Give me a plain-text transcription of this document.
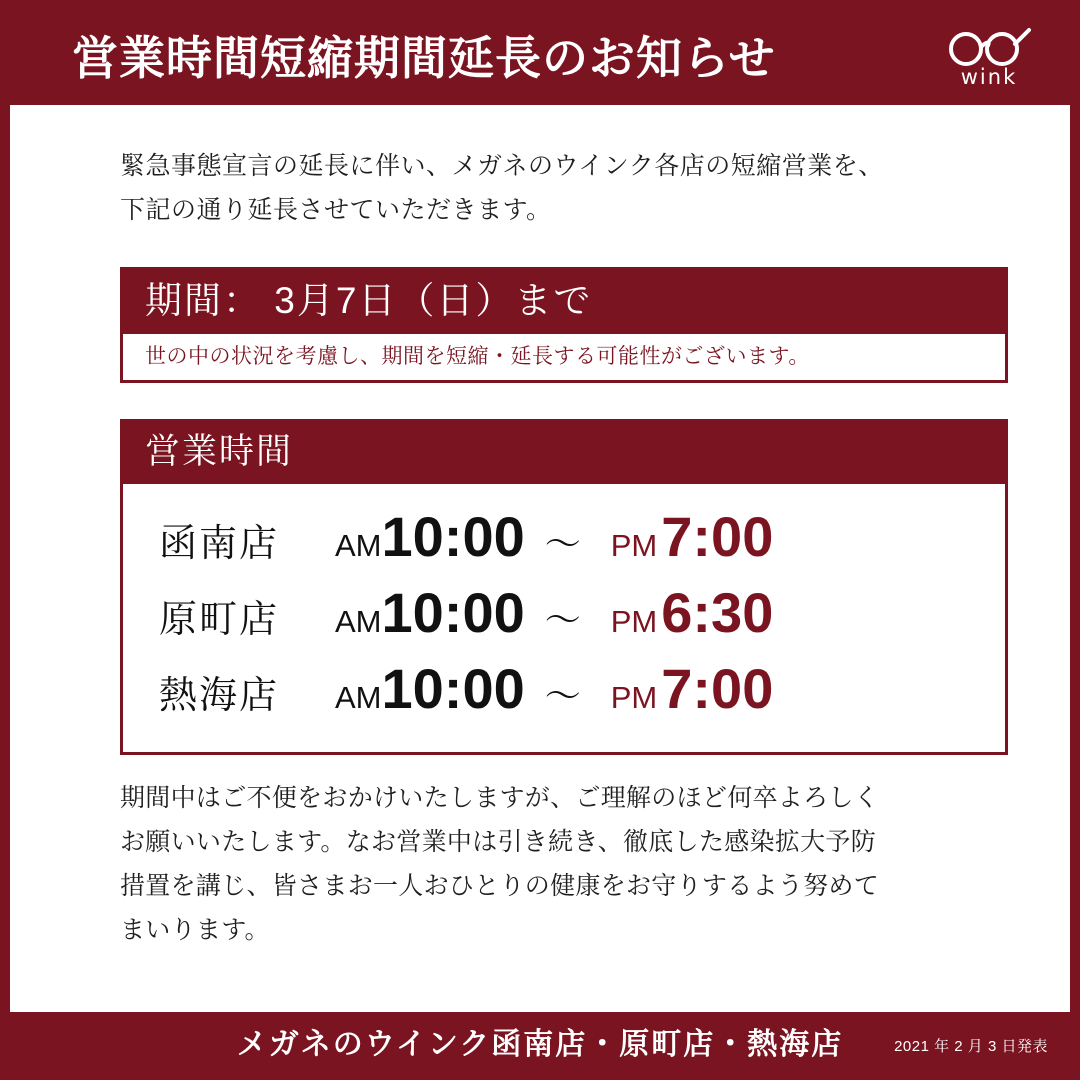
営業時間短縮期間延長のお知らせ	wink
緊急事態宣言の延長に伴い、メガネのウインク各店の短縮営業を、
下記の通り延長させていただきます。
期間： 3月7日（日）まで
世の中の状況を考慮し、期間を短縮・延長する可能性がございます。
営業時間
函南店	AM 10:00 〜 PM 7:00
原町店	AM 10:00 〜 PM 6:30
熱海店	AM 10:00 〜 PM 7:00
期間中はご不便をおかけいたしますが、ご理解のほど何卒よろしく
お願いいたします。なお営業中は引き続き、徹底した感染拡大予防
措置を講じ、皆さまお一人おひとりの健康をお守りするよう努めて
まいります。
メガネのウインク函南店・原町店・熱海店	2021 年 2 月 3 日発表
